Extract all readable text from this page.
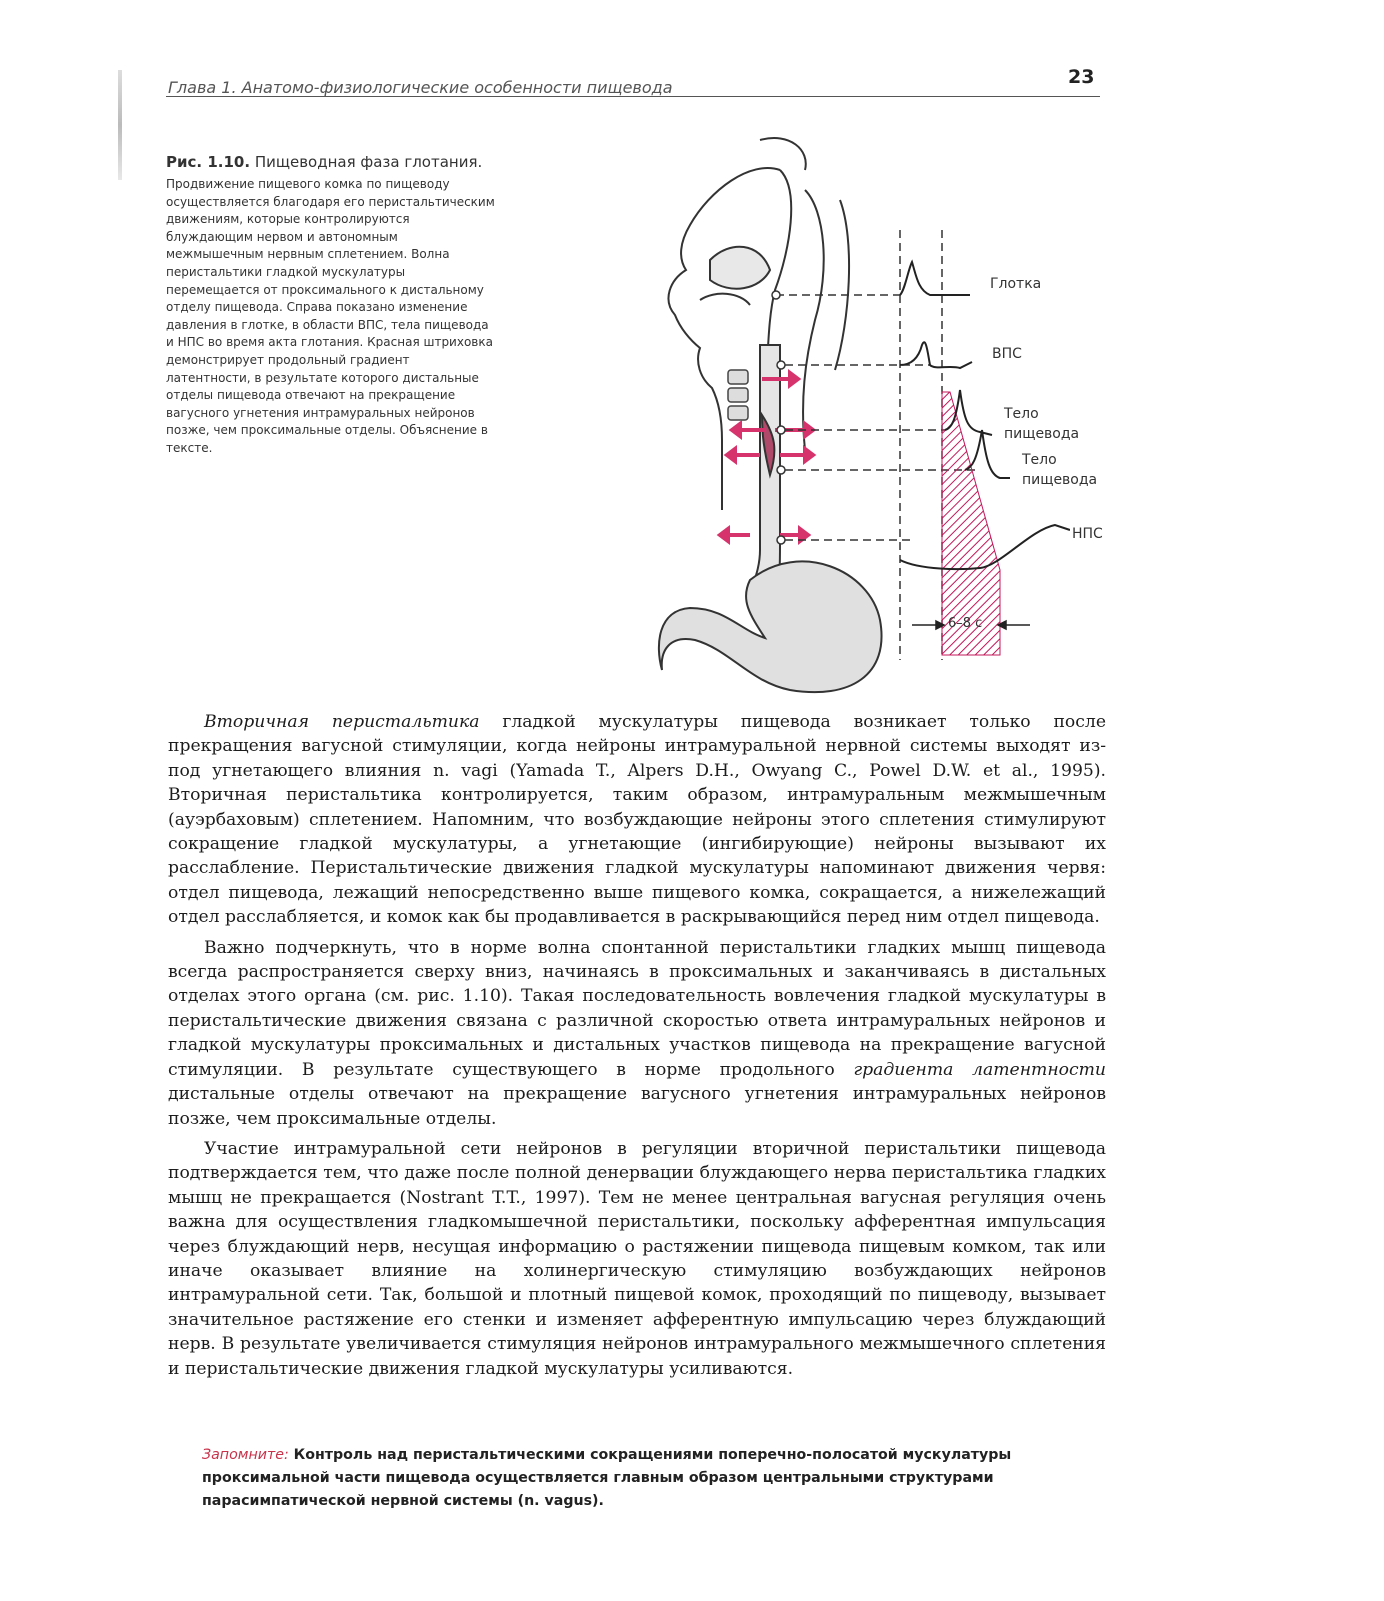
Глава 1. Анатомо-физиологические особенности пищевода	23
Рис. 1.10. Пищеводная фаза глотания.
Продвижение пищевого комка по пищеводу осуществляется благодаря его перистальтическим движениям, которые контролируются блуждающим нервом и автономным межмышечным нервным сплетением. Волна перистальтики гладкой мускулатуры перемещается от проксимального к дистальному отделу пищевода. Справа показано изменение давления в глотке, в области ВПС, тела пищевода и НПС во время акта глотания. Красная штриховка демонстрирует продольный градиент латентности, в результате которого дистальные отделы пищевода отвечают на прекращение вагусного угнетения интрамуральных нейронов позже, чем проксимальные отделы. Объяснение в тексте.
Глотка
ВПС
Тело пищевода
Тело пищевода
НПС
6–8 с

Вторичная перистальтика гладкой мускулатуры пищевода возникает только после прекращения вагусной стимуляции, когда нейроны интрамуральной нервной системы выходят из-под угнетающего влияния n. vagi (Yamada T., Alpers D.H., Owyang C., Powel D.W. et al., 1995). Вторичная перистальтика контролируется, таким образом, интрамуральным межмышечным (ауэрбаховым) сплетением. Напомним, что возбуждающие нейроны этого сплетения стимулируют сокращение гладкой мускулатуры, а угнетающие (ингибирующие) нейроны вызывают их расслабление. Перистальтические движения гладкой мускулатуры напоминают движения червя: отдел пищевода, лежащий непосредственно выше пищевого комка, сокращается, а нижележащий отдел расслабляется, и комок как бы продавливается в раскрывающийся перед ним отдел пищевода.

Важно подчеркнуть, что в норме волна спонтанной перистальтики гладких мышц пищевода всегда распространяется сверху вниз, начинаясь в проксимальных и заканчиваясь в дистальных отделах этого органа (см. рис. 1.10). Такая последовательность вовлечения гладкой мускулатуры в перистальтические движения связана с различной скоростью ответа интрамуральных нейронов и гладкой мускулатуры проксимальных и дистальных участков пищевода на прекращение вагусной стимуляции. В результате существующего в норме продольного градиента латентности дистальные отделы отвечают на прекращение вагусного угнетения интрамуральных нейронов позже, чем проксимальные отделы.

Участие интрамуральной сети нейронов в регуляции вторичной перистальтики пищевода подтверждается тем, что даже после полной денервации блуждающего нерва перистальтика гладких мышц не прекращается (Nostrant T.T., 1997). Тем не менее центральная вагусная регуляция очень важна для осуществления гладкомышечной перистальтики, поскольку афферентная импульсация через блуждающий нерв, несущая информацию о растяжении пищевода пищевым комком, так или иначе оказывает влияние на холинергическую стимуляцию возбуждающих нейронов интрамуральной сети. Так, большой и плотный пищевой комок, проходящий по пищеводу, вызывает значительное растяжение его стенки и изменяет афферентную импульсацию через блуждающий нерв. В результате увеличивается стимуляция нейронов интрамурального межмышечного сплетения и перистальтические движения гладкой мускулатуры усиливаются.

Запомните: Контроль над перистальтическими сокращениями поперечно-полосатой мускулатуры проксимальной части пищевода осуществляется главным образом центральными структурами парасимпатической нервной системы (n. vagus).
